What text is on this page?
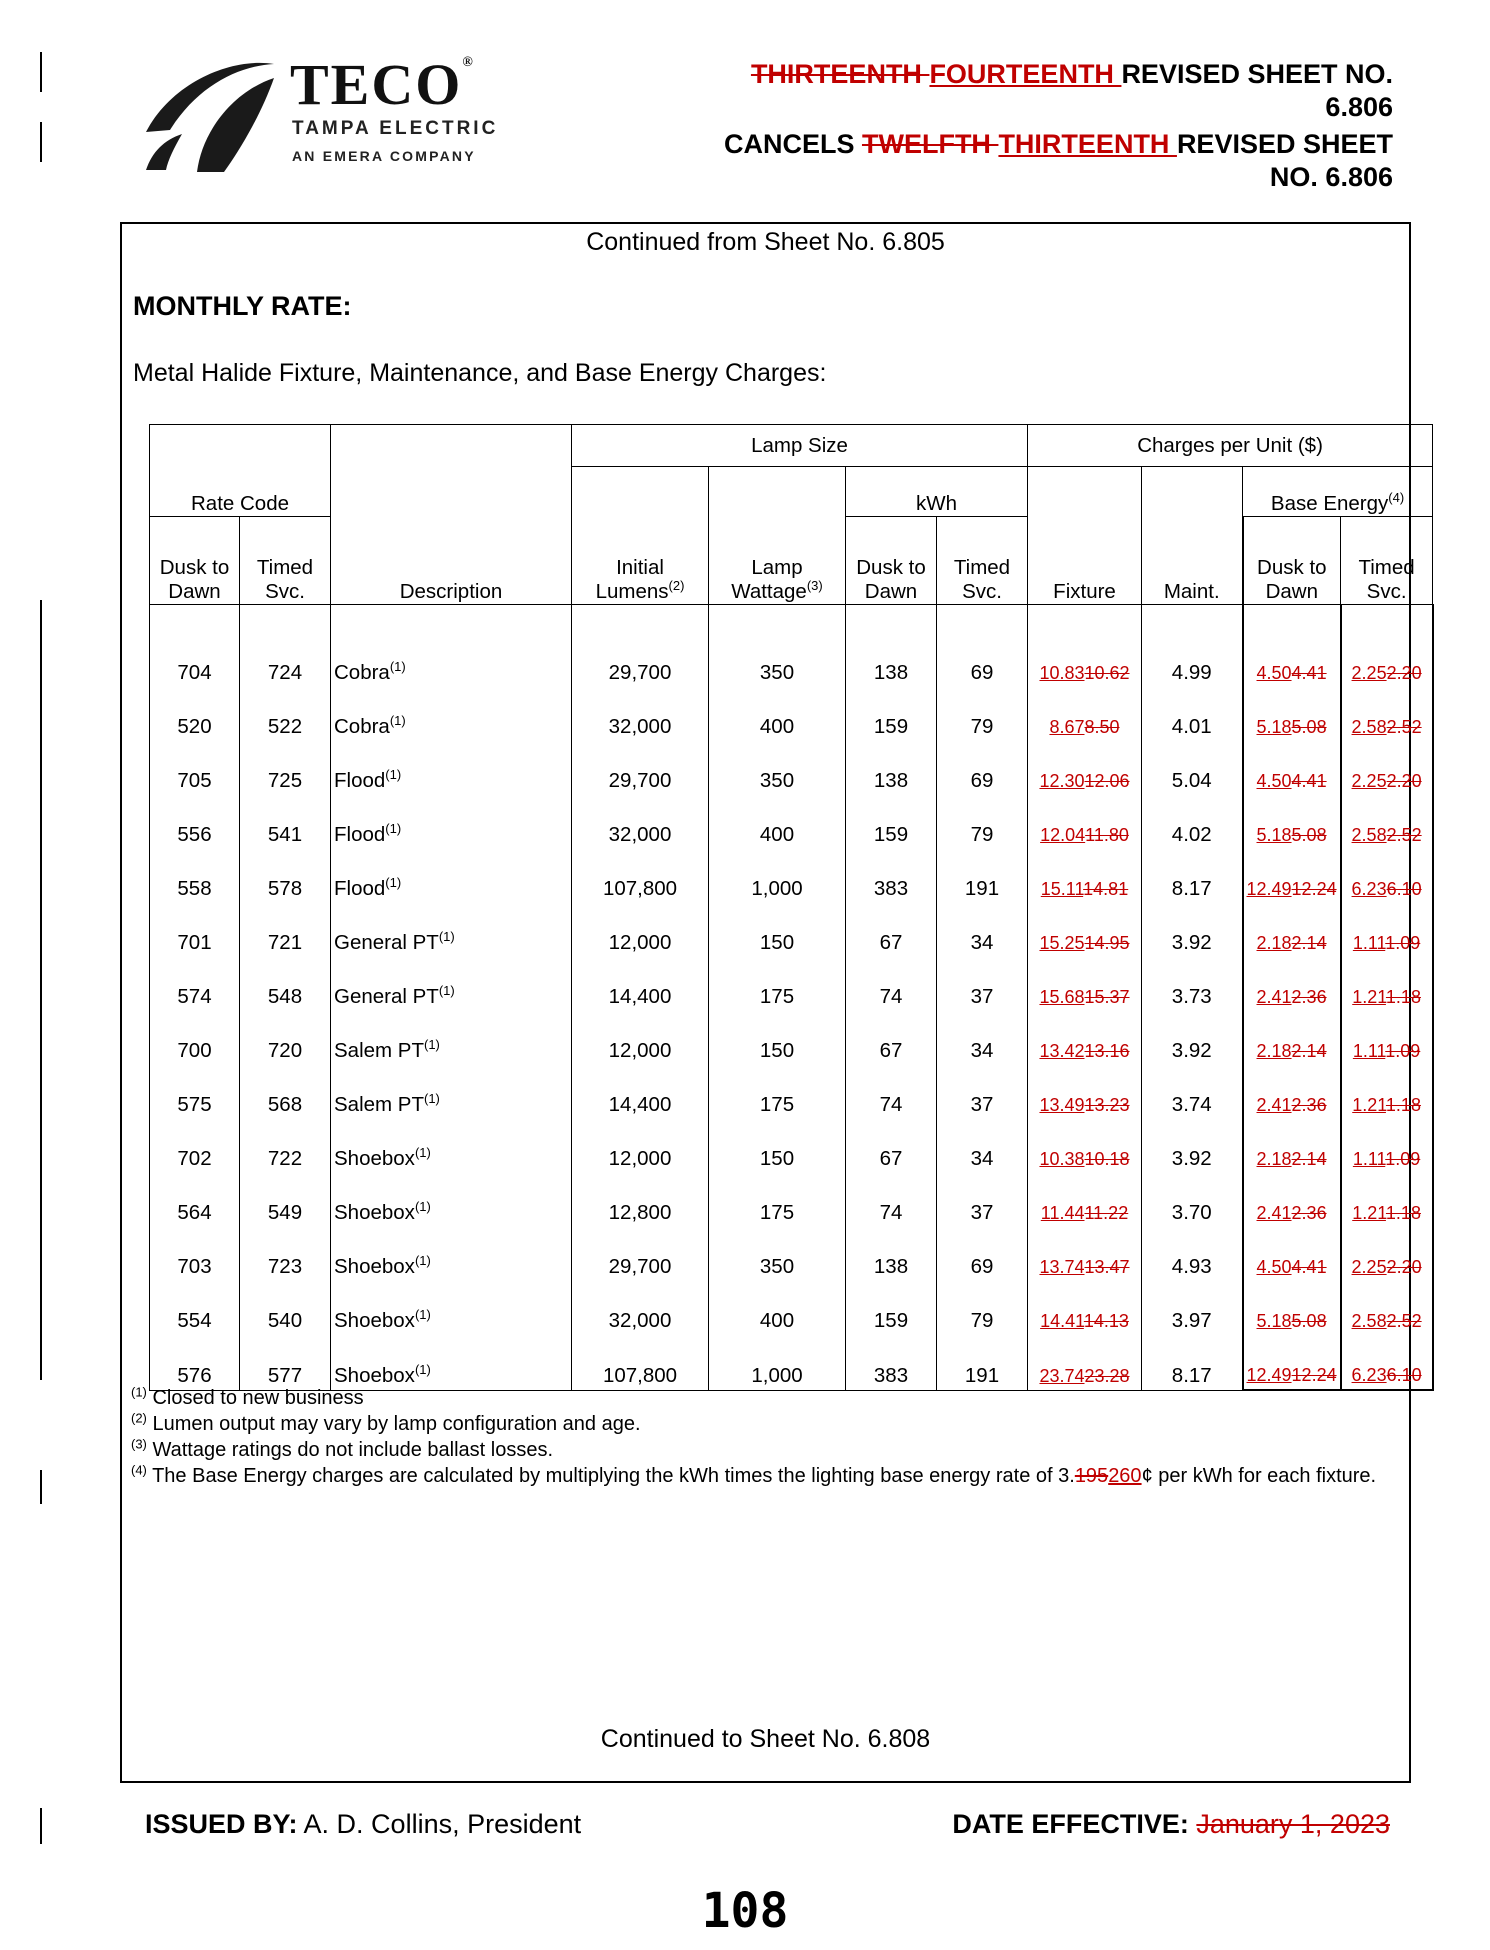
TECO®
TAMPA ELECTRIC
AN EMERA COMPANY
THIRTEENTH FOURTEENTH REVISED SHEET NO.
6.806
CANCELS TWELFTH THIRTEENTH REVISED SHEET
NO. 6.806
Continued from Sheet No. 6.805
MONTHLY RATE:
Metal Halide Fixture, Maintenance, and Base Energy Charges:
Rate Code		Description	Lamp Size				Charges per Unit ($)			
			Initial Lumens$^{(2)}$	Lamp Wattage$^{(3)}$	kWh		Fixture	Maint.	Base Energy$^{(4)}$
Dusk to Dawn	Timed Svc.				Dusk to Dawn	Timed Svc.			Dusk to Dawn	Timed Svc.
704	724	Cobra$^{(1)}$	29,700	350	138	69	10.8310.62	4.99	4.504.41	2.252.20
520	522	Cobra$^{(1)}$	32,000	400	159	79	8.678.50	4.01	5.185.08	2.582.52
705	725	Flood$^{(1)}$	29,700	350	138	69	12.3012.06	5.04	4.504.41	2.252.20
556	541	Flood$^{(1)}$	32,000	400	159	79	12.0411.80	4.02	5.185.08	2.582.52
558	578	Flood$^{(1)}$	107,800	1,000	383	191	15.1114.81	8.17	12.4912.24	6.236.10
701	721	General PT$^{(1)}$	12,000	150	67	34	15.2514.95	3.92	2.182.14	1.111.09
574	548	General PT$^{(1)}$	14,400	175	74	37	15.6815.37	3.73	2.412.36	1.211.18
700	720	Salem PT$^{(1)}$	12,000	150	67	34	13.4213.16	3.92	2.182.14	1.111.09
575	568	Salem PT$^{(1)}$	14,400	175	74	37	13.4913.23	3.74	2.412.36	1.211.18
702	722	Shoebox$^{(1)}$	12,000	150	67	34	10.3810.18	3.92	2.182.14	1.111.09
564	549	Shoebox$^{(1)}$	12,800	175	74	37	11.4411.22	3.70	2.412.36	1.211.18
703	723	Shoebox$^{(1)}$	29,700	350	138	69	13.7413.47	4.93	4.504.41	2.252.20
554	540	Shoebox$^{(1)}$	32,000	400	159	79	14.4114.13	3.97	5.185.08	2.582.52
576	577	Shoebox$^{(1)}$	107,800	1,000	383	191	23.7423.28	8.17	12.4912.24	6.236.10
$^{(1)}$ Closed to new business
$^{(2)}$ Lumen output may vary by lamp configuration and age.
$^{(3)}$ Wattage ratings do not include ballast losses.
$^{(4)}$ The Base Energy charges are calculated by multiplying the kWh times the lighting base energy rate of 3.195260¢ per kWh for each fixture.
Continued to Sheet No. 6.808
ISSUED BY: A. D. Collins, President	DATE EFFECTIVE: January 1, 2023
108
